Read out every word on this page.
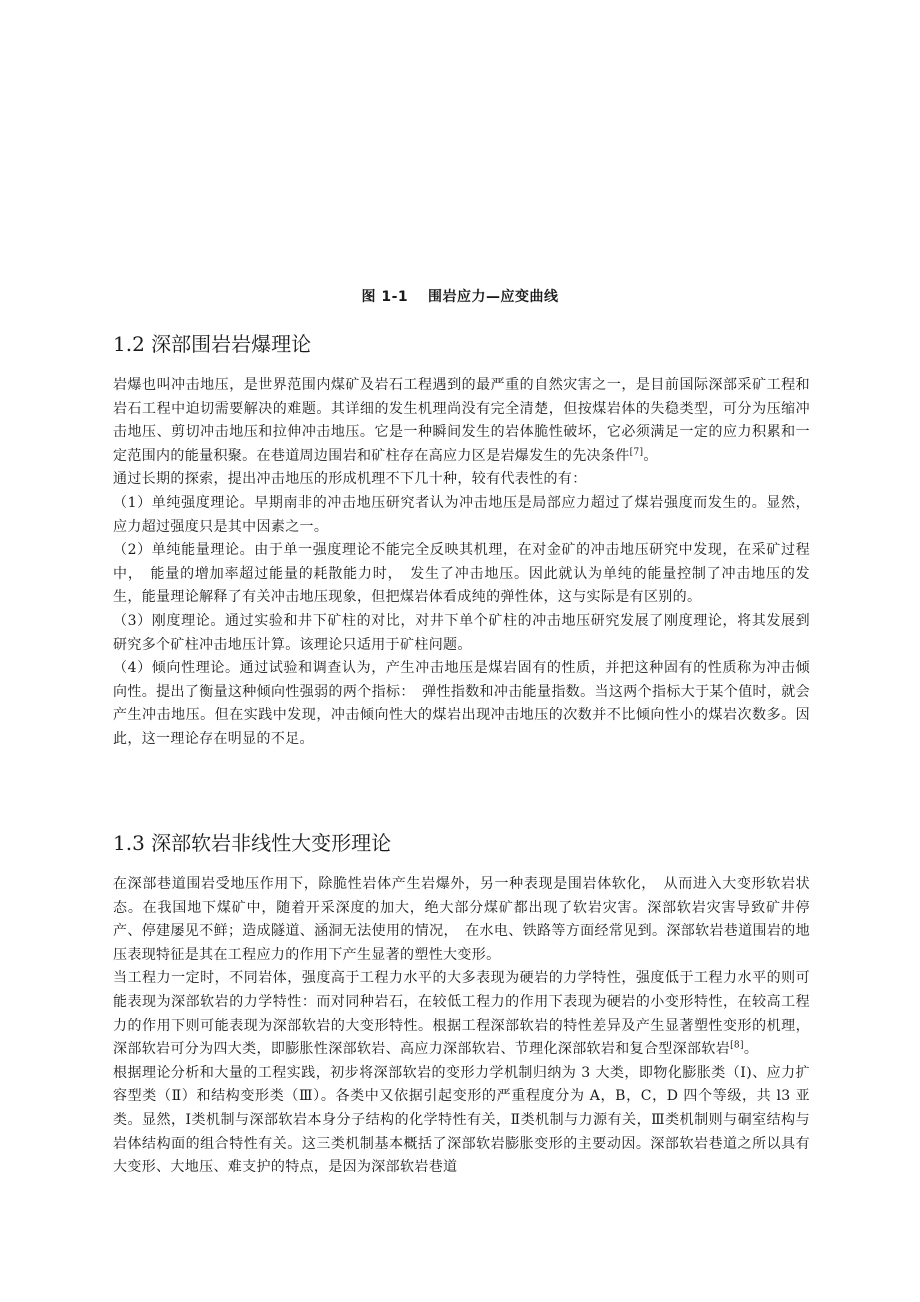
图 1-1　 围岩应力—应变曲线
1.2 深部围岩岩爆理论

岩爆也叫冲击地压，是世界范围内煤矿及岩石工程遇到的最严重的自然灾害之一，是目前国际深部采矿工程和岩石工程中迫切需要解决的难题。其详细的发生机理尚没有完全清楚，但按煤岩体的失稳类型，可分为压缩冲击地压、剪切冲击地压和拉伸冲击地压。它是一种瞬间发生的岩体脆性破坏，它必须满足一定的应力积累和一定范围内的能量积聚。在巷道周边围岩和矿柱存在高应力区是岩爆发生的先决条件[7]。

通过长期的探索，提出冲击地压的形成机理不下几十种，较有代表性的有：

（1）单纯强度理论。早期南非的冲击地压研究者认为冲击地压是局部应力超过了煤岩强度而发生的。显然，应力超过强度只是其中因素之一。

（2）单纯能量理论。由于单一强度理论不能完全反映其机理，在对金矿的冲击地压研究中发现，在采矿过程中，　能量的增加率超过能量的耗散能力时，　发生了冲击地压。因此就认为单纯的能量控制了冲击地压的发生，能量理论解释了有关冲击地压现象，但把煤岩体看成纯的弹性体，这与实际是有区别的。

（3）刚度理论。通过实验和井下矿柱的对比，对井下单个矿柱的冲击地压研究发展了刚度理论，将其发展到研究多个矿柱冲击地压计算。该理论只适用于矿柱问题。

（4）倾向性理论。通过试验和调查认为，产生冲击地压是煤岩固有的性质，并把这种固有的性质称为冲击倾向性。提出了衡量这种倾向性强弱的两个指标：　弹性指数和冲击能量指数。当这两个指标大于某个值时，就会产生冲击地压。但在实践中发现，冲击倾向性大的煤岩出现冲击地压的次数并不比倾向性小的煤岩次数多。因此，这一理论存在明显的不足。

1.3 深部软岩非线性大变形理论

在深部巷道围岩受地压作用下，除脆性岩体产生岩爆外，另一种表现是围岩体软化，　从而进入大变形软岩状态。在我国地下煤矿中，随着开采深度的加大，绝大部分煤矿都出现了软岩灾害。深部软岩灾害导致矿井停产、停建屡见不鲜；造成隧道、涵洞无法使用的情况，　在水电、铁路等方面经常见到。深部软岩巷道围岩的地压表现特征是其在工程应力的作用下产生显著的塑性大变形。

当工程力一定时，不同岩体，强度高于工程力水平的大多表现为硬岩的力学特性，强度低于工程力水平的则可能表现为深部软岩的力学特性：而对同种岩石，在较低工程力的作用下表现为硬岩的小变形特性，在较高工程力的作用下则可能表现为深部软岩的大变形特性。根据工程深部软岩的特性差异及产生显著塑性变形的机理，深部软岩可分为四大类，即膨胀性深部软岩、高应力深部软岩、节理化深部软岩和复合型深部软岩[8]。

根据理论分析和大量的工程实践，初步将深部软岩的变形力学机制归纳为 3 大类，即物化膨胀类（Ⅰ)、应力扩容型类（Ⅱ）和结构变形类（Ⅲ）。各类中又依据引起变形的严重程度分为 A，B，C，D 四个等级，共 l3 亚类。显然，Ⅰ类机制与深部软岩本身分子结构的化学特性有关，Ⅱ类机制与力源有关，Ⅲ类机制则与硐室结构与岩体结构面的组合特性有关。这三类机制基本概括了深部软岩膨胀变形的主要动因。深部软岩巷道之所以具有大变形、大地压、难支护的特点，是因为深部软岩巷道
